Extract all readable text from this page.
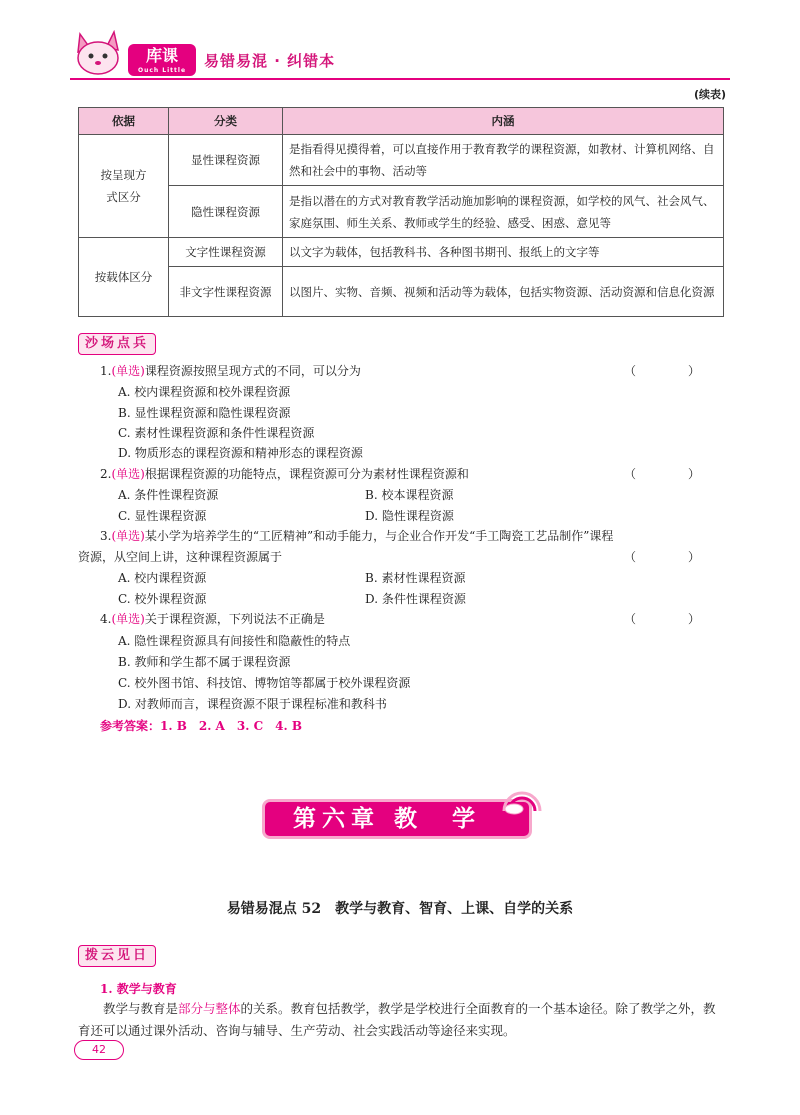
库课
Ouch Little
易错易混 · 纠错本
(续表)
依据	分类	内涵
按呈现方式区分	显性课程资源	是指看得见摸得着，可以直接作用于教育教学的课程资源，如教材、计算机网络、自然和社会中的事物、活动等
	隐性课程资源	是指以潜在的方式对教育教学活动施加影响的课程资源，如学校的风气、社会风气、家庭氛围、师生关系、教师或学生的经验、感受、困惑、意见等
按载体区分	文字性课程资源	以文字为载体，包括教科书、各种图书期刊、报纸上的文字等
	非文字性课程资源	以图片、实物、音频、视频和活动等为载体，包括实物资源、活动资源和信息化资源
沙场点兵
1.(单选)课程资源按照呈现方式的不同，可以分为	（　）
A. 校内课程资源和校外课程资源
B. 显性课程资源和隐性课程资源
C. 素材性课程资源和条件性课程资源
D. 物质形态的课程资源和精神形态的课程资源
2.(单选)根据课程资源的功能特点，课程资源可分为素材性课程资源和	（　）
A. 条件性课程资源	B. 校本课程资源
C. 显性课程资源	D. 隐性课程资源
3.(单选)某小学为培养学生的“工匠精神”和动手能力，与企业合作开发“手工陶瓷工艺品制作”课程
资源，从空间上讲，这种课程资源属于	（　）
A. 校内课程资源	B. 素材性课程资源
C. 校外课程资源	D. 条件性课程资源
4.(单选)关于课程资源，下列说法不正确是	（　）
A. 隐性课程资源具有间接性和隐蔽性的特点
B. 教师和学生都不属于课程资源
C. 校外图书馆、科技馆、博物馆等都属于校外课程资源
D. 对教师而言，课程资源不限于课程标准和教科书
参考答案：1. B　2. A　3. C　4. B
第六章 教　学
易错易混点 52　教学与教育、智育、上课、自学的关系
拨云见日
1. 教学与教育
教学与教育是部分与整体的关系。教育包括教学，教学是学校进行全面教育的一个基本途径。除了教学之外，教育还可以通过课外活动、咨询与辅导、生产劳动、社会实践活动等途径来实现。
42
